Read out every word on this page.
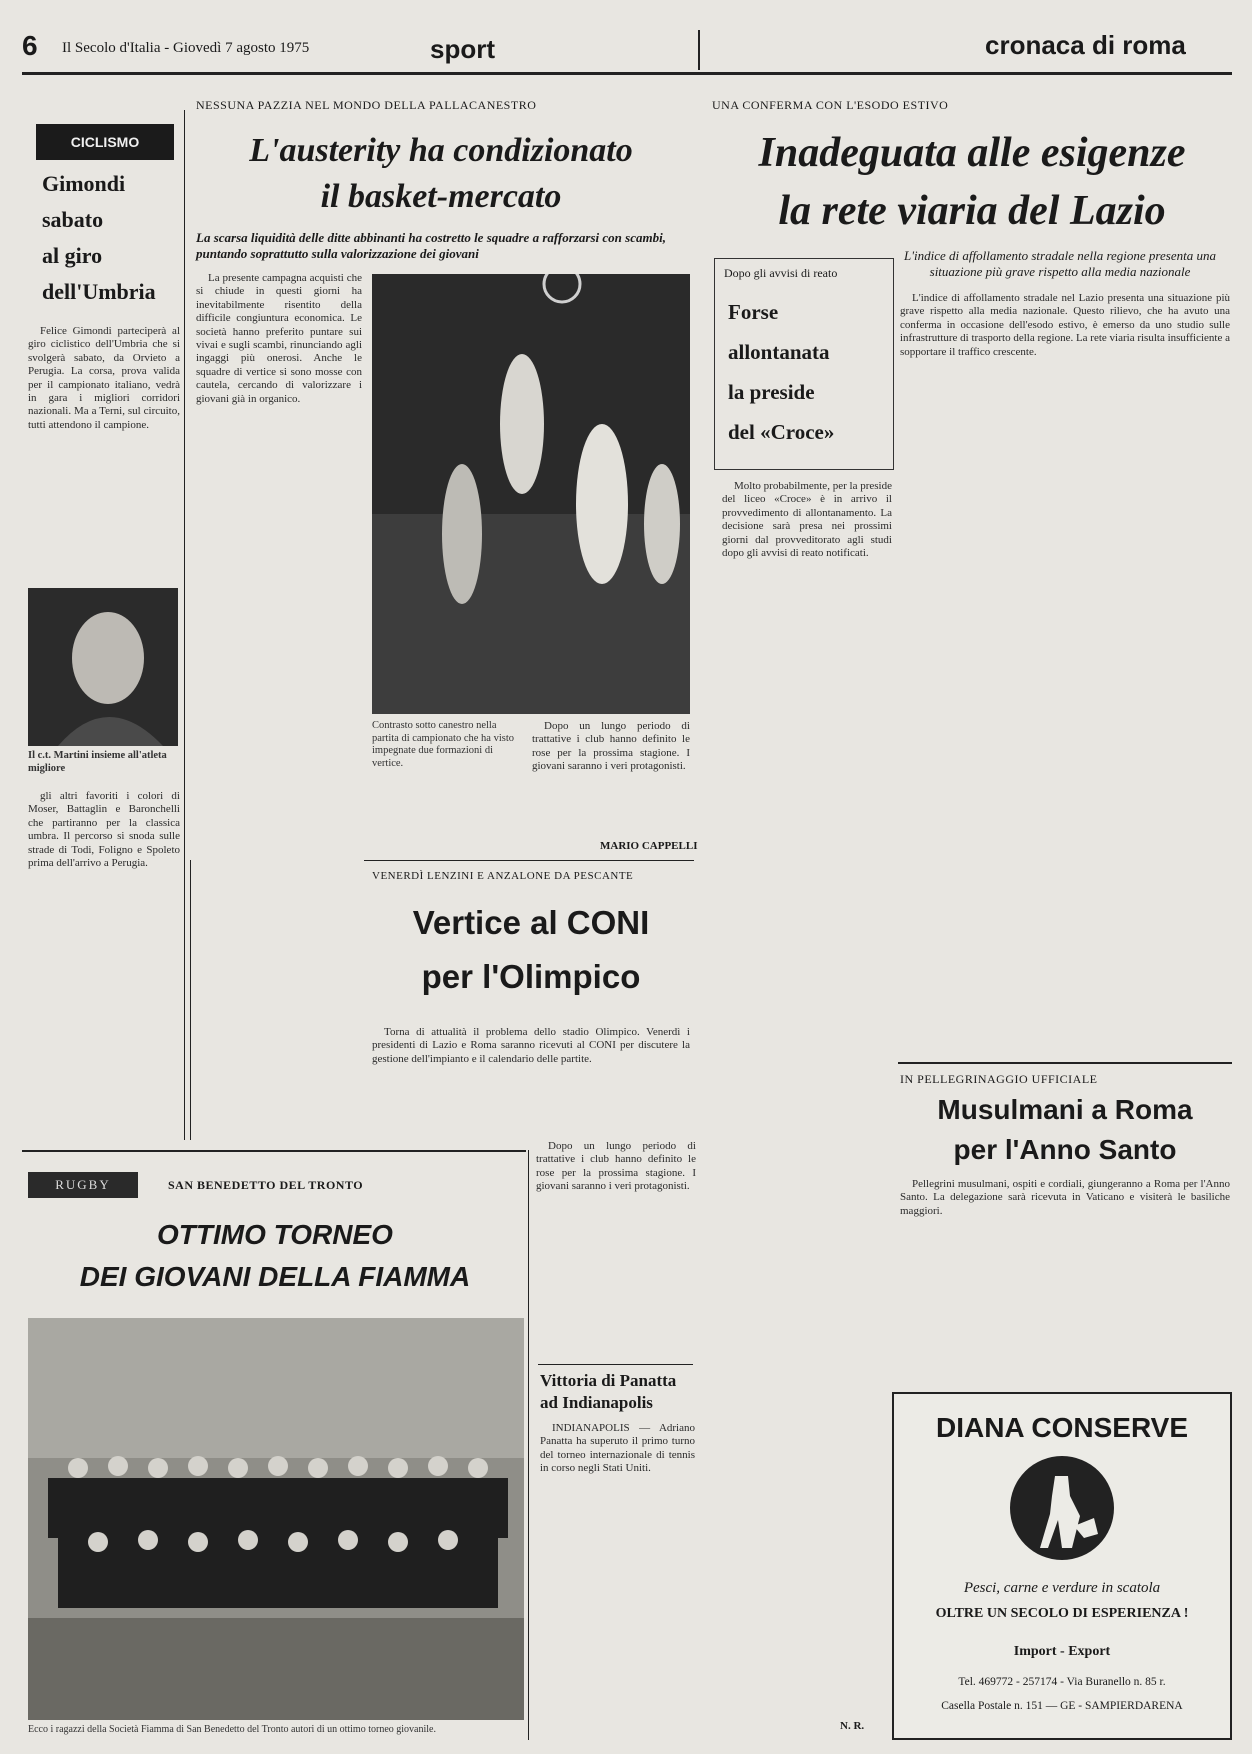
6 Il Secolo d'Italia - Giovedì 7 agosto 1975	sport	cronaca di roma
CICLISMO
Gimondi
sabato
al giro
dell'Umbria

Felice Gimondi parteciperà al giro ciclistico dell'Umbria che si svolgerà sabato, da Orvieto a Perugia. La corsa, prova valida per il campionato italiano, vedrà in gara i migliori corridori nazionali. Ma a Terni, sul circuito, tutti attendono il campione.

Il c.t. Martini insieme all'atleta migliore

gli altri favoriti i colori di Moser, Battaglin e Baronchelli che partiranno per la classica umbra. Il percorso si snoda sulle strade di Todi, Foligno e Spoleto prima dell'arrivo a Perugia.

NESSUNA PAZZIA NEL MONDO DELLA PALLACANESTRO
L'austerity ha condizionato
il basket-mercato
La scarsa liquidità delle ditte abbinanti ha costretto le squadre a rafforzarsi con scambi, puntando soprattutto sulla valorizzazione dei giovani

La presente campagna acquisti che si chiude in questi giorni ha inevitabilmente risentito della difficile congiuntura economica. Le società hanno preferito puntare sui vivai e sugli scambi, rinunciando agli ingaggi più onerosi. Anche le squadre di vertice si sono mosse con cautela, cercando di valorizzare i giovani già in organico.

Contrasto sotto canestro nella partita di campionato che ha visto impegnate due formazioni di vertice.

Dopo un lungo periodo di trattative i club hanno definito le rose per la prossima stagione. I giovani saranno i veri protagonisti.

MARIO CAPPELLI
VENERDÌ LENZINI E ANZALONE DA PESCANTE
Vertice al CONI
per l'Olimpico

Torna di attualità il problema dello stadio Olimpico. Venerdì i presidenti di Lazio e Roma saranno ricevuti al CONI per discutere la gestione dell'impianto e il calendario delle partite.

UNA CONFERMA CON L'ESODO ESTIVO
Inadeguata alle esigenze
la rete viaria del Lazio
L'indice di affollamento stradale nella regione presenta una situazione più grave rispetto alla media nazionale

L'indice di affollamento stradale nel Lazio presenta una situazione più grave rispetto alla media nazionale. Questo rilievo, che ha avuto una conferma in occasione dell'esodo estivo, è emerso da uno studio sulle infrastrutture di trasporto della regione. La rete viaria risulta insufficiente a sopportare il traffico crescente.

Dopo gli avvisi di reato
Forse
allontanata
la preside
del «Croce»

Molto probabilmente, per la preside del liceo «Croce» è in arrivo il provvedimento di allontanamento. La decisione sarà presa nei prossimi giorni dal provveditorato agli studi dopo gli avvisi di reato notificati.

N. R.
Vittoria di Panatta
ad Indianapolis

INDIANAPOLIS — Adriano Panatta ha superuto il primo turno del torneo internazionale di tennis in corso negli Stati Uniti.

Dopo un lungo periodo di trattative i club hanno definito le rose per la prossima stagione. I giovani saranno i veri protagonisti.

IN PELLEGRINAGGIO UFFICIALE
Musulmani a Roma
per l'Anno Santo

Pellegrini musulmani, ospiti e cordiali, giungeranno a Roma per l'Anno Santo. La delegazione sarà ricevuta in Vaticano e visiterà le basiliche maggiori.

DIANA CONSERVE
Pesci, carne e verdure in scatola
OLTRE UN SECOLO DI ESPERIENZA !
Import - Export
Tel. 469772 - 257174 - Via Buranello n. 85 r.
Casella Postale n. 151 — GE - SAMPIERDARENA
RUGBY	SAN BENEDETTO DEL TRONTO
OTTIMO TORNEO
DEI GIOVANI DELLA FIAMMA
Ecco i ragazzi della Società Fiamma di San Benedetto del Tronto autori di un ottimo torneo giovanile.
